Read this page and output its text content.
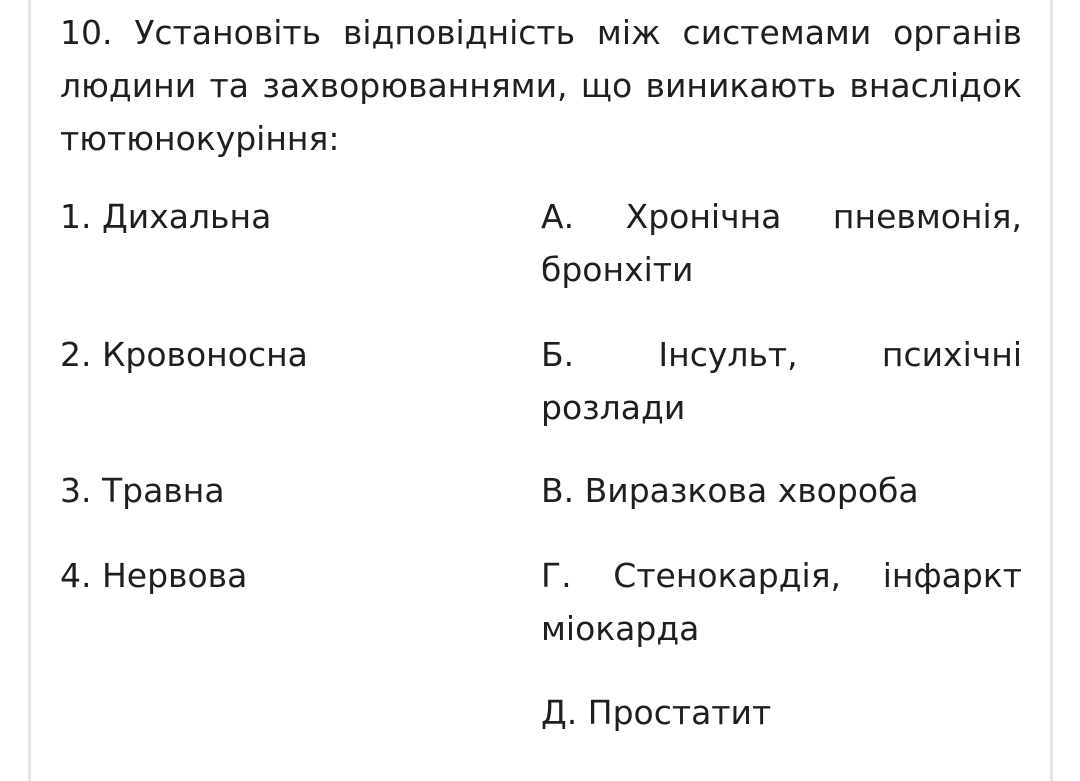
10. Установіть відповідність між системами органів людини та захворюваннями, що виникають внаслідок тютюнокуріння:

1. Дихальна	А. Хронічна пневмонія, бронхіти

2. Кровоносна	Б. Інсульт, психічні розлади

3. Травна	В. Виразкова хвороба

4. Нервова	Г. Стенокардія, інфаркт міокарда

Д. Простатит
